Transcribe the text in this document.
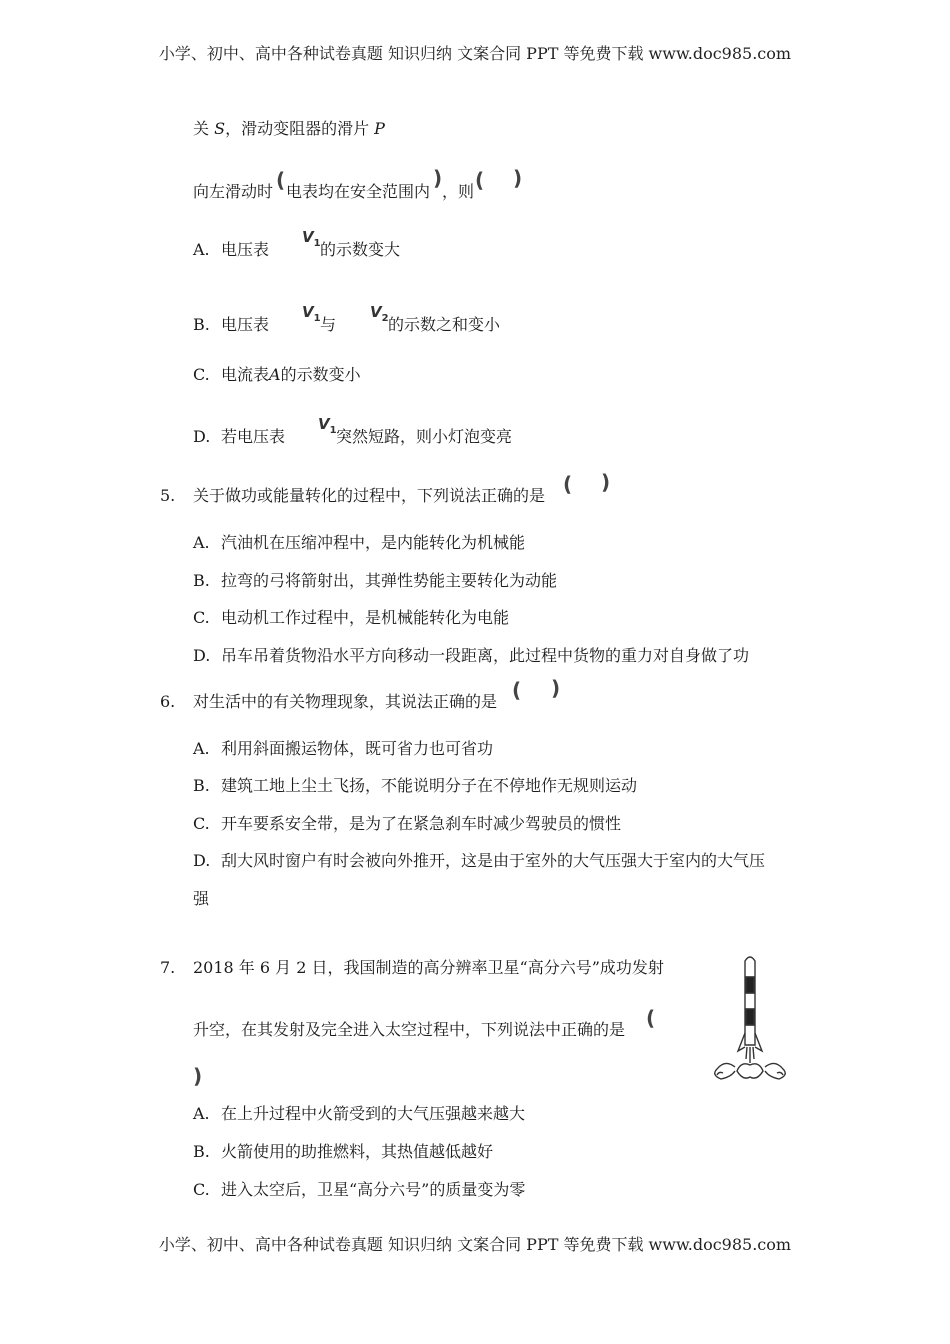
小学、初中、高中各种试卷真题 知识归纳 文案合同 PPT 等免费下载 www.doc985.com
关 S，滑动变阻器的滑片 P
向左滑动时 ( 电表均在安全范围内
)
，则 ( )
A. 电压表
$V_1$ 的示数变大
B. 电压表
$V_1$ 与
$V_2$ 的示数之和变小
C. 电流表A的示数变小
D. 若电压表
$V_1$ 突然短路，则小灯泡变亮
5. 关于做功或能量转化的过程中，下列说法正确的是 ( )
A. 汽油机在压缩冲程中，是内能转化为机械能
B. 拉弯的弓将箭射出，其弹性势能主要转化为动能
C. 电动机工作过程中，是机械能转化为电能
D. 吊车吊着货物沿水平方向移动一段距离，此过程中货物的重力对自身做了功
6. 对生活中的有关物理现象，其说法正确的是 ( )
A. 利用斜面搬运物体，既可省力也可省功
B. 建筑工地上尘土飞扬，不能说明分子在不停地作无规则运动
C. 开车要系安全带，是为了在紧急刹车时减少驾驶员的惯性
D. 刮大风时窗户有时会被向外推开，这是由于室外的大气压强大于室内的大气压
强
7. 2018 年 6 月 2 日，我国制造的高分辨率卫星“高分六号”成功发射
升空，在其发射及完全进入太空过程中，下列说法中正确的是 (
)
A. 在上升过程中火箭受到的大气压强越来越大
B. 火箭使用的助推燃料，其热值越低越好
C. 进入太空后，卫星“高分六号”的质量变为零
小学、初中、高中各种试卷真题 知识归纳 文案合同 PPT 等免费下载 www.doc985.com
